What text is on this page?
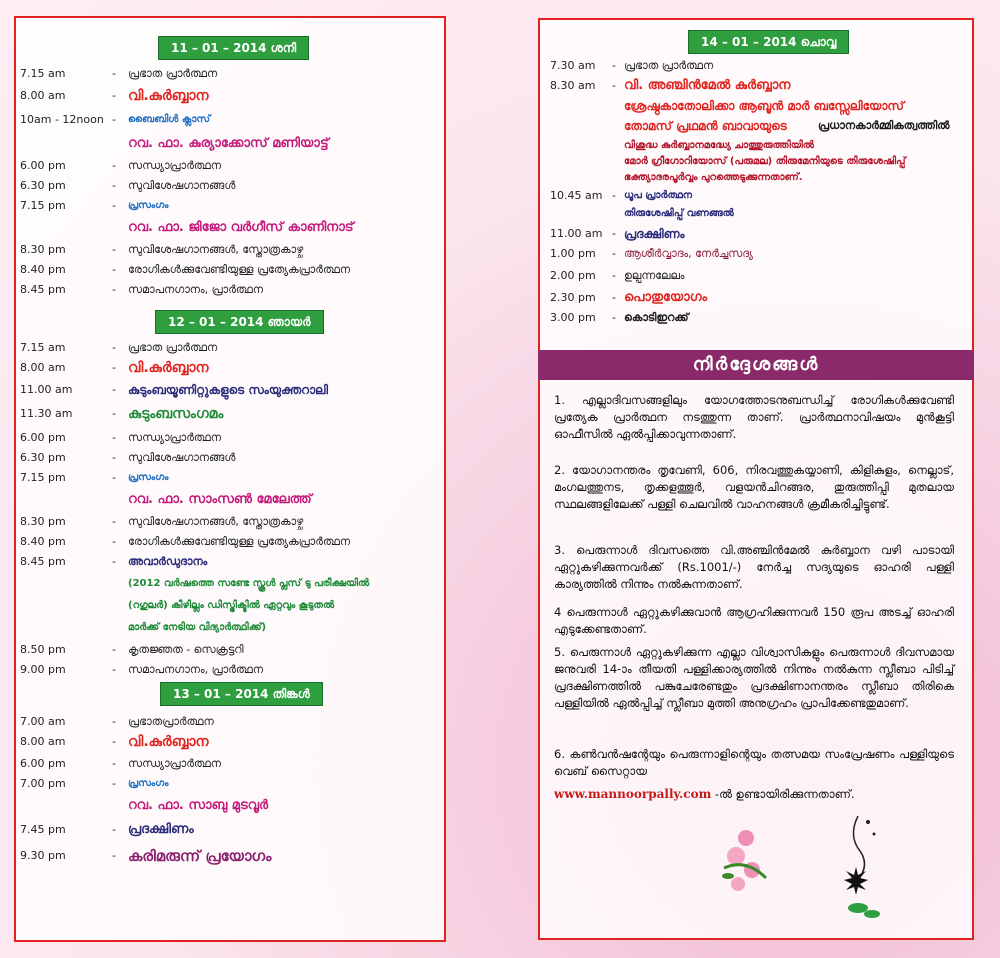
11 – 01 – 2014 ശനി
7.15 am	-	പ്രഭാത പ്രാർത്ഥന
8.00 am	- വി.കുർബ്ബാന
10am - 12noon -	ബൈബിൾ ക്ലാസ്
റവ. ഫാ. കുര്യാക്കോസ് മണിയാട്ട്
6.00 pm	-	സന്ധ്യാപ്രാർത്ഥന
6.30 pm	-	സുവിശേഷഗാനങ്ങൾ
7.15 pm	-	പ്രസംഗം
റവ. ഫാ. ജിജോ വർഗീസ് കാണിനാട്
8.30 pm	-	സുവിശേഷഗാനങ്ങൾ, സ്തോത്രകാഴ്ച
8.40 pm	-	രോഗികൾക്കുവേണ്ടിയുള്ള പ്രത്യേകപ്രാർത്ഥന
8.45 pm	-	സമാപനഗാനം, പ്രാർത്ഥന
12 – 01 – 2014 ഞായർ
7.15 am	-	പ്രഭാത പ്രാർത്ഥന
8.00 am	- വി.കുർബ്ബാന
11.00 am	-	കുടുംബയൂണിറ്റുകളുടെ സംയുക്തറാലി
11.30 am	- കുടുംബസംഗമം
6.00 pm	-	സന്ധ്യാപ്രാർത്ഥന
6.30 pm	-	സുവിശേഷഗാനങ്ങൾ
7.15 pm	-	പ്രസംഗം
റവ. ഫാ. സാംസൺ മേലേത്ത്
8.30 pm	-	സുവിശേഷഗാനങ്ങൾ, സ്തോത്രകാഴ്ച
8.40 pm	-	രോഗികൾക്കുവേണ്ടിയുള്ള പ്രത്യേകപ്രാർത്ഥന
8.45 pm	-	അവാർഡുദാനം
(2012 വർഷത്തെ സണ്ടേ സ്കൂൾ പ്ലസ് ടു പരീക്ഷയിൽ
(റഗുലർ) കീഴില്ലം ഡിസ്ട്രിക്ടിൽ ഏറ്റവും കൂടുതൽ
മാർക്ക് നേടിയ വിദ്യാർത്ഥിക്ക്)
8.50 pm	-	കൃതജ്ഞത - സെക്രട്ടറി
9.00 pm	-	സമാപനഗാനം, പ്രാർത്ഥന
13 – 01 – 2014 തിങ്കൾ
7.00 am	-	പ്രഭാതപ്രാർത്ഥന
8.00 am	- വി.കുർബ്ബാന
6.00 pm	-	സന്ധ്യാപ്രാർത്ഥന
7.00 pm	-	പ്രസംഗം
റവ. ഫാ. സാബു മുടവൂർ
7.45 pm	- പ്രദക്ഷിണം
9.30 pm	- കരിമരുന്ന് പ്രയോഗം
14 – 01 – 2014 ചൊവ്വ
7.30 am	- പ്രഭാത പ്രാർത്ഥന
8.30 am	- വി. അഞ്ചിൻമേൽ കുർബ്ബാന
ശ്രേഷ്ഠകാതോലിക്കാ ആബൂൻ മാർ ബസ്സേലിയോസ്
തോമസ് പ്രഥമൻ ബാവായുടെ	പ്രധാനകാർമ്മികത്വത്തിൽ
വിശുദ്ധ കുർബ്ബാനമദ്ധ്യേ ചാത്തുരുത്തിയിൽ
മോർ ഗ്രീഗോറിയോസ് (പരുമല) തിരുമേനിയുടെ തിരുശേഷിപ്പ്
ഭക്ത്യാദരപൂർവ്വം പുറത്തെടുക്കുന്നതാണ്.
10.45 am - ധൂപ പ്രാർത്ഥന
തിരുശേഷിപ്പ് വണങ്ങൽ
11.00 am - പ്രദക്ഷിണം
1.00 pm	- ആശീർവ്വാദം, നേർച്ചസദ്യ
2.00 pm	- ഉല്പന്നലേലം
2.30 pm	- പൊതുയോഗം
3.00 pm	- കൊടിഇറക്ക്
നിർദ്ദേശങ്ങൾ

1. എല്ലാദിവസങ്ങളിലും യോഗത്തോടനുബന്ധിച്ച് രോഗികൾക്കുവേണ്ടി പ്രത്യേക പ്രാർത്ഥന നടത്തുന്ന താണ്. പ്രാർത്ഥനാവിഷയം മുൻകൂട്ടി ഓഫീസിൽ ഏൽപ്പിക്കാവുന്നതാണ്.

2. യോഗാനന്തരം തൃവേണി, 606, നിരവത്തുകയ്യാണി, കിളികുളം, നെല്ലാട്, മംഗലത്തുനട, തൃക്കളത്തൂർ, വളയൻചിറങ്ങര, തുരുത്തിപ്പി മുതലായ സ്ഥലങ്ങളിലേക്ക് പള്ളി ചെലവിൽ വാഹനങ്ങൾ ക്രമീകരിച്ചിട്ടുണ്ട്.

3. പെരുന്നാൾ ദിവസത്തെ വി.അഞ്ചിൻമേൽ കുർബ്ബാന വഴി പാടായി ഏറ്റുകഴിക്കുന്നവർക്ക് (Rs.1001/-) നേർച്ച സദ്യയുടെ ഓഹരി പള്ളി കാര്യത്തിൽ നിന്നും നൽകുന്നതാണ്.

4 പെരുന്നാൾ ഏറ്റുകഴിക്കുവാൻ ആഗ്രഹിക്കുന്നവർ 150 രൂപ അടച്ച് ഓഹരി എടുക്കേണ്ടതാണ്.

5. പെരുന്നാൾ ഏറ്റുകഴിക്കുന്ന എല്ലാ വിശ്വാസികളും പെരുന്നാൾ ദിവസമായ ജനുവരി 14-ാം തീയതി പള്ളിക്കാര്യത്തിൽ നിന്നും നൽകുന്ന സ്ലീബാ പിടിച്ച് പ്രദക്ഷിണത്തിൽ പങ്കുചേരേണ്ടതും പ്രദക്ഷിണാനന്തരം സ്ലീബാ തിരികെ പള്ളിയിൽ ഏൽപ്പിച്ച് സ്ലീബാ മുത്തി അനുഗ്രഹം പ്രാപിക്കേണ്ടതുമാണ്.

6. കൺവൻഷന്റേയും പെരുന്നാളിന്റെയും തത്സമയ സംപ്രേഷണം പള്ളിയുടെ വെബ് സൈറ്റായ

www.mannoorpally.com -ൽ ഉണ്ടായിരിക്കുന്നതാണ്.
